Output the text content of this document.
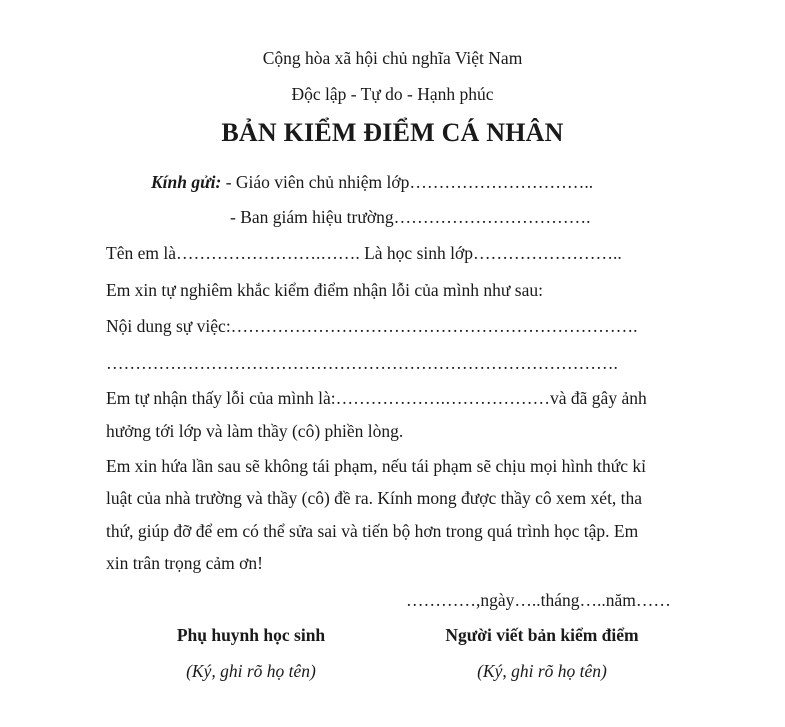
Cộng hòa xã hội chủ nghĩa Việt Nam
Độc lập - Tự do - Hạnh phúc
BẢN KIỂM ĐIỂM CÁ NHÂN
Kính gửi: - Giáo viên chủ nhiệm lớp…………………………..
- Ban giám hiệu trường…………………………….
Tên em là…………………….……. Là học sinh lớp……………………..
Em xin tự nghiêm khắc kiểm điểm nhận lỗi của mình như sau:
Nội dung sự việc:…………………………………………………………….
…………………………………………………………………………….
Em tự nhận thấy lỗi của mình là:……………….………………và đã gây ảnh
hưởng tới lớp và làm thầy (cô) phiền lòng.
Em xin hứa lần sau sẽ không tái phạm, nếu tái phạm sẽ chịu mọi hình thức kỉ
luật của nhà trường và thầy (cô) đề ra. Kính mong được thầy cô xem xét, tha
thứ, giúp đỡ để em có thể sửa sai và tiến bộ hơn trong quá trình học tập. Em
xin trân trọng cảm ơn!
…………,ngày…..tháng…..năm……
Phụ huynh học sinh
(Ký, ghi rõ họ tên)
Người viết bản kiểm điểm
(Ký, ghi rõ họ tên)
